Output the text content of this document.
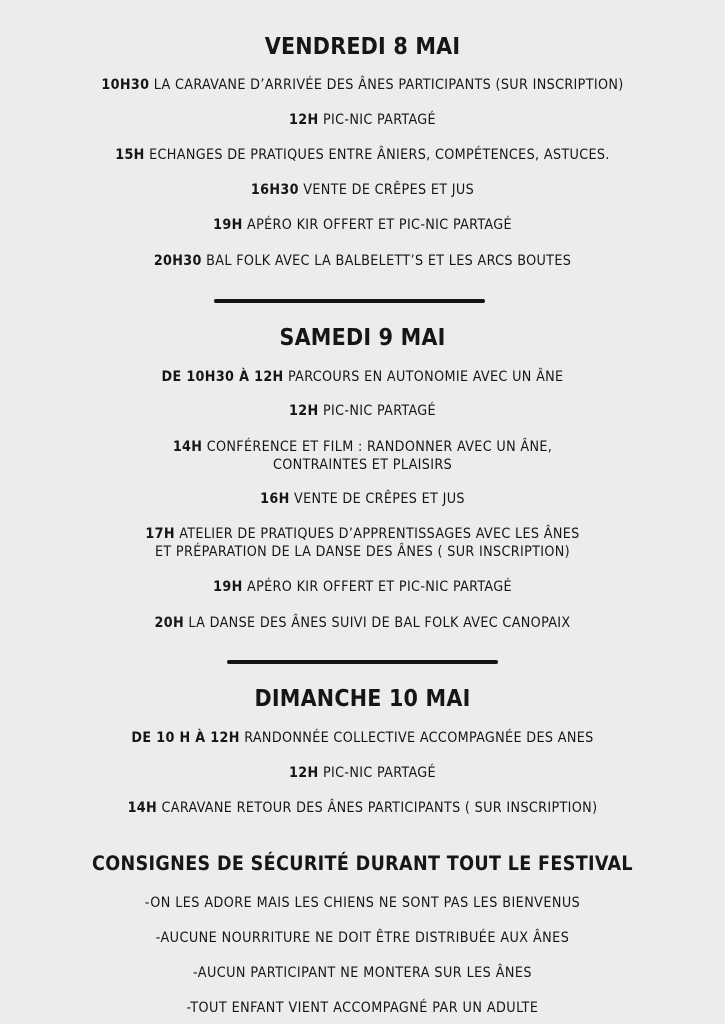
VENDREDI 8 MAI
10H30 LA CARAVANE D’ARRIVÉE DES ÂNES PARTICIPANTS (SUR INSCRIPTION)
12H PIC-NIC PARTAGÉ
15H ECHANGES DE PRATIQUES ENTRE ÂNIERS, COMPÉTENCES, ASTUCES.
16H30 VENTE DE CRÊPES ET JUS
19H APÉRO KIR OFFERT ET PIC-NIC PARTAGÉ
20H30 BAL FOLK AVEC LA BALBELETT’S ET LES ARCS BOUTES
SAMEDI 9 MAI
DE 10H30 À 12H PARCOURS EN AUTONOMIE AVEC UN ÂNE
12H PIC-NIC PARTAGÉ
14H CONFÉRENCE ET FILM : RANDONNER AVEC UN ÂNE,
CONTRAINTES ET PLAISIRS
16H VENTE DE CRÊPES ET JUS
17H ATELIER DE PRATIQUES D’APPRENTISSAGES AVEC LES ÂNES
ET PRÉPARATION DE LA DANSE DES ÂNES ( SUR INSCRIPTION)
19H APÉRO KIR OFFERT ET PIC-NIC PARTAGÉ
20H LA DANSE DES ÂNES SUIVI DE BAL FOLK AVEC CANOPAIX
DIMANCHE 10 MAI
DE 10 H À 12H RANDONNÉE COLLECTIVE ACCOMPAGNÉE DES ANES
12H PIC-NIC PARTAGÉ
14H CARAVANE RETOUR DES ÂNES PARTICIPANTS ( SUR INSCRIPTION)
CONSIGNES DE SÉCURITÉ DURANT TOUT LE FESTIVAL
-ON LES ADORE MAIS LES CHIENS NE SONT PAS LES BIENVENUS
-AUCUNE NOURRITURE NE DOIT ÊTRE DISTRIBUÉE AUX ÂNES
-AUCUN PARTICIPANT NE MONTERA SUR LES ÂNES
-TOUT ENFANT VIENT ACCOMPAGNÉ PAR UN ADULTE
